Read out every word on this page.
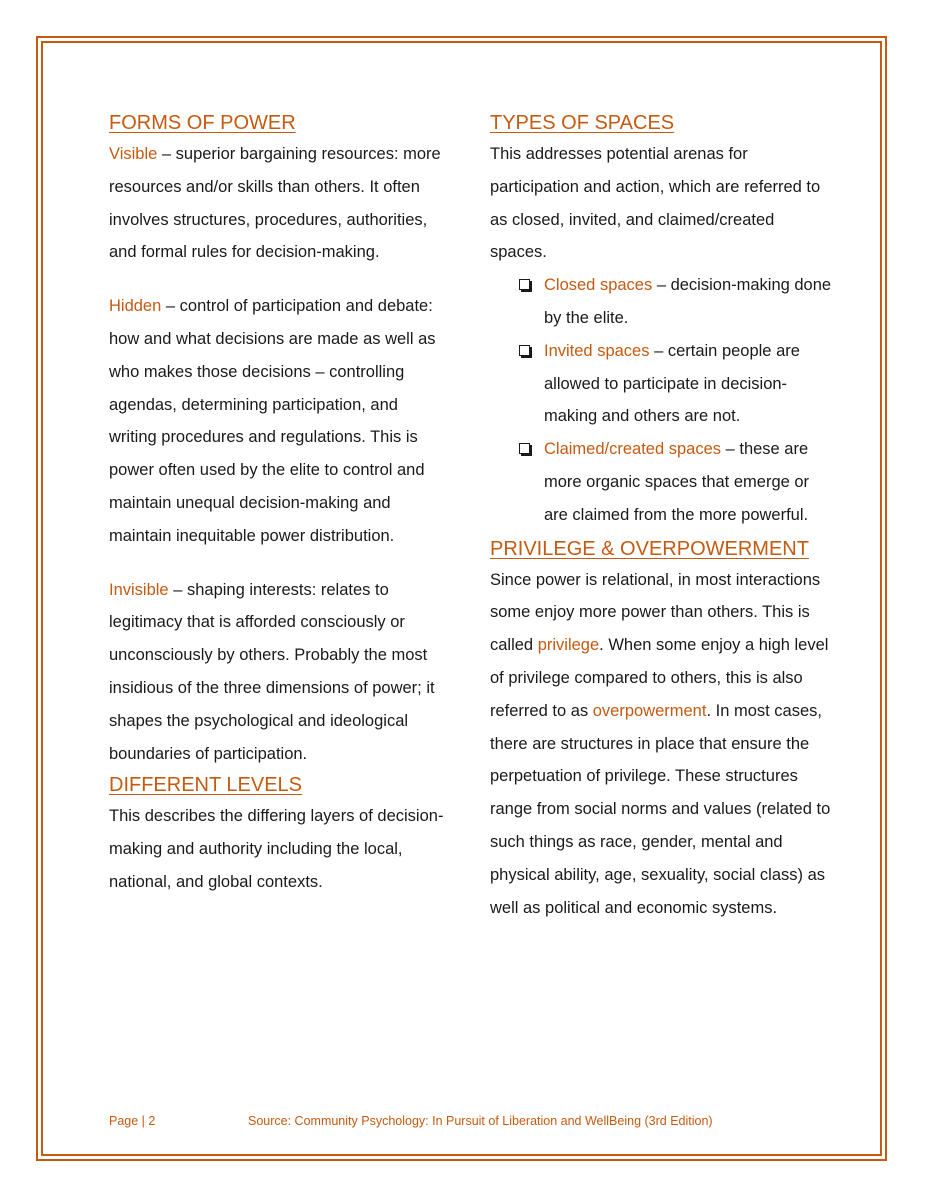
FORMS OF POWER

Visible – superior bargaining resources: more resources and/or skills than others. It often involves structures, procedures, authorities, and formal rules for decision-making.

Hidden – control of participation and debate: how and what decisions are made as well as who makes those decisions – controlling agendas, determining participation, and writing procedures and regulations. This is power often used by the elite to control and maintain unequal decision-making and maintain inequitable power distribution.

Invisible – shaping interests: relates to legitimacy that is afforded consciously or unconsciously by others. Probably the most insidious of the three dimensions of power; it shapes the psychological and ideological boundaries of participation.

DIFFERENT LEVELS

This describes the differing layers of decision-making and authority including the local, national, and global contexts.

TYPES OF SPACES

This addresses potential arenas for participation and action, which are referred to as closed, invited, and claimed/created spaces.

Closed spaces – decision-making done by the elite.
Invited spaces – certain people are allowed to participate in decision-making and others are not.
Claimed/created spaces – these are more organic spaces that emerge or are claimed from the more powerful.
PRIVILEGE & OVERPOWERMENT

Since power is relational, in most interactions some enjoy more power than others. This is called privilege. When some enjoy a high level of privilege compared to others, this is also referred to as overpowerment. In most cases, there are structures in place that ensure the perpetuation of privilege. These structures range from social norms and values (related to such things as race, gender, mental and physical ability, age, sexuality, social class) as well as political and economic systems.

Page | 2	Source: Community Psychology: In Pursuit of Liberation and WellBeing (3rd Edition)
